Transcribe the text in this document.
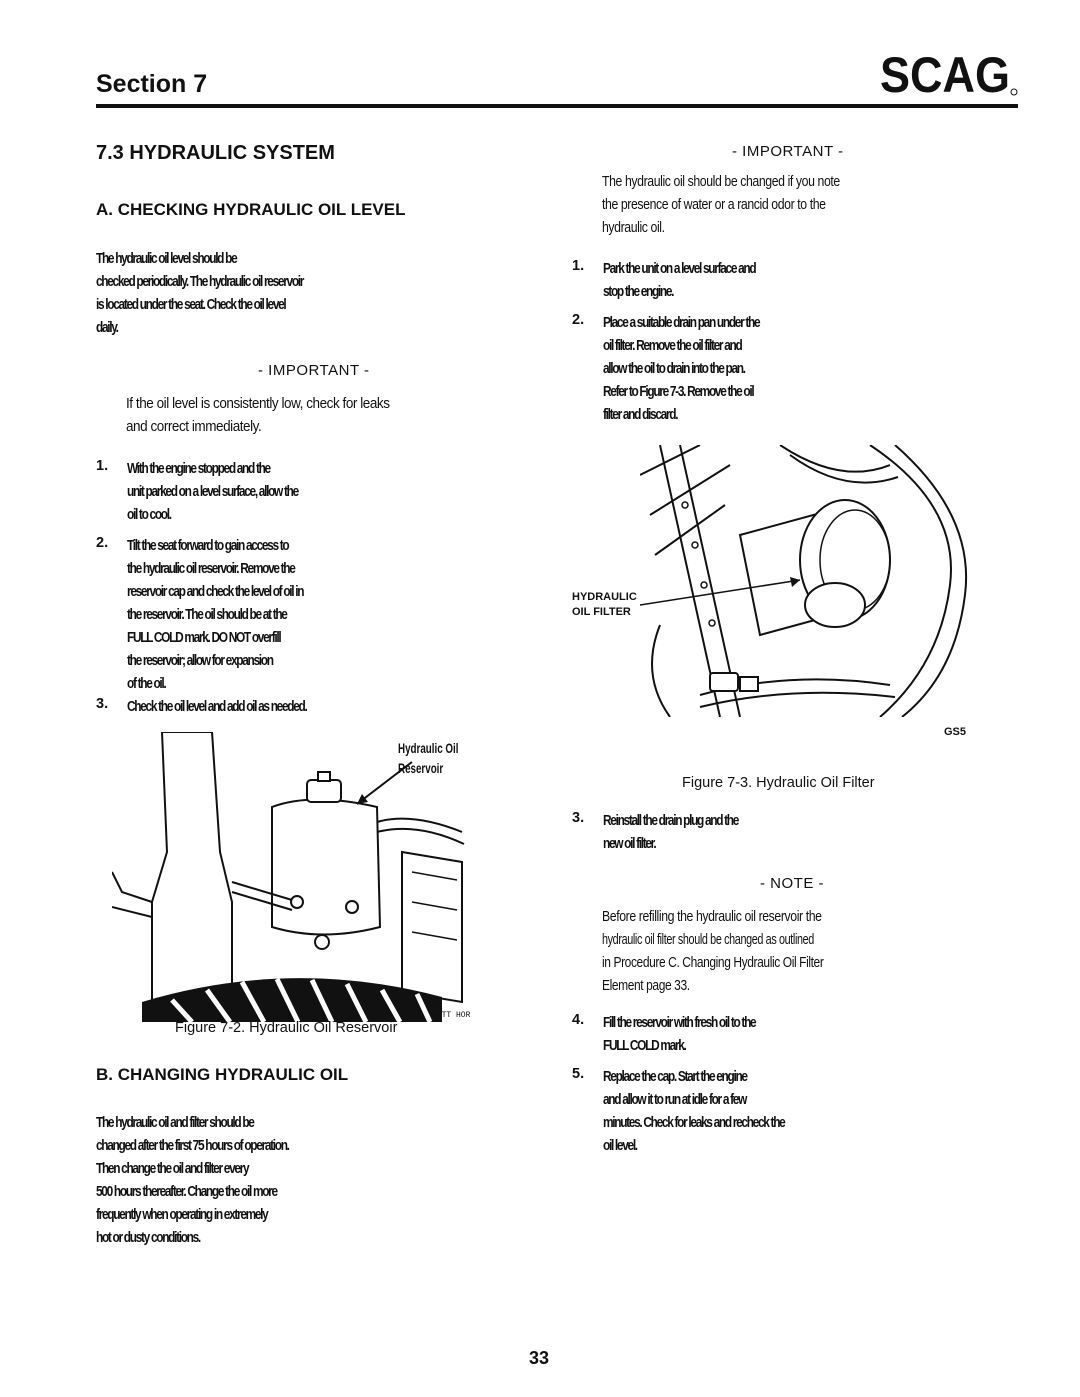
Section 7	SCAG
7.3 HYDRAULIC SYSTEM
A. CHECKING HYDRAULIC OIL LEVEL
The hydraulic oil level should be
checked periodically. The hydraulic oil reservoir
is located under the seat. Check the oil level
daily.
- IMPORTANT -
If the oil level is consistently low, check for leaks
and correct immediately.
1. With the engine stopped and the
unit parked on a level surface, allow the
oil to cool.
2. Tilt the seat forward to gain access to
the hydraulic oil reservoir. Remove the
reservoir cap and check the level of oil in
the reservoir. The oil should be at the
FULL COLD mark. DO NOT overfill
the reservoir; allow for expansion
of the oil.
3. Check the oil level and add oil as needed.
Hydraulic Oil
Reservoir
BSTT HOR
Figure 7-2. Hydraulic Oil Reservoir
B. CHANGING HYDRAULIC OIL
The hydraulic oil and filter should be
changed after the first 75 hours of operation.
Then change the oil and filter every
500 hours thereafter. Change the oil more
frequently when operating in extremely
hot or dusty conditions.
- IMPORTANT -
The hydraulic oil should be changed if you note
the presence of water or a rancid odor to the
hydraulic oil.
1. Park the unit on a level surface and
stop the engine.
2. Place a suitable drain pan under the
oil filter. Remove the oil filter and
allow the oil to drain into the pan.
Refer to Figure 7-3. Remove the oil
filter and discard.
HYDRAULIC
OIL FILTER
GS5
Figure 7-3. Hydraulic Oil Filter
3. Reinstall the drain plug and the
new oil filter.
- NOTE -
Before refilling the hydraulic oil reservoir the
hydraulic oil filter should be changed as outlined
in Procedure C. Changing Hydraulic Oil Filter
Element page 33.
4. Fill the reservoir with fresh oil to the
FULL COLD mark.
5. Replace the cap. Start the engine
and allow it to run at idle for a few
minutes. Check for leaks and recheck the
oil level.
33
